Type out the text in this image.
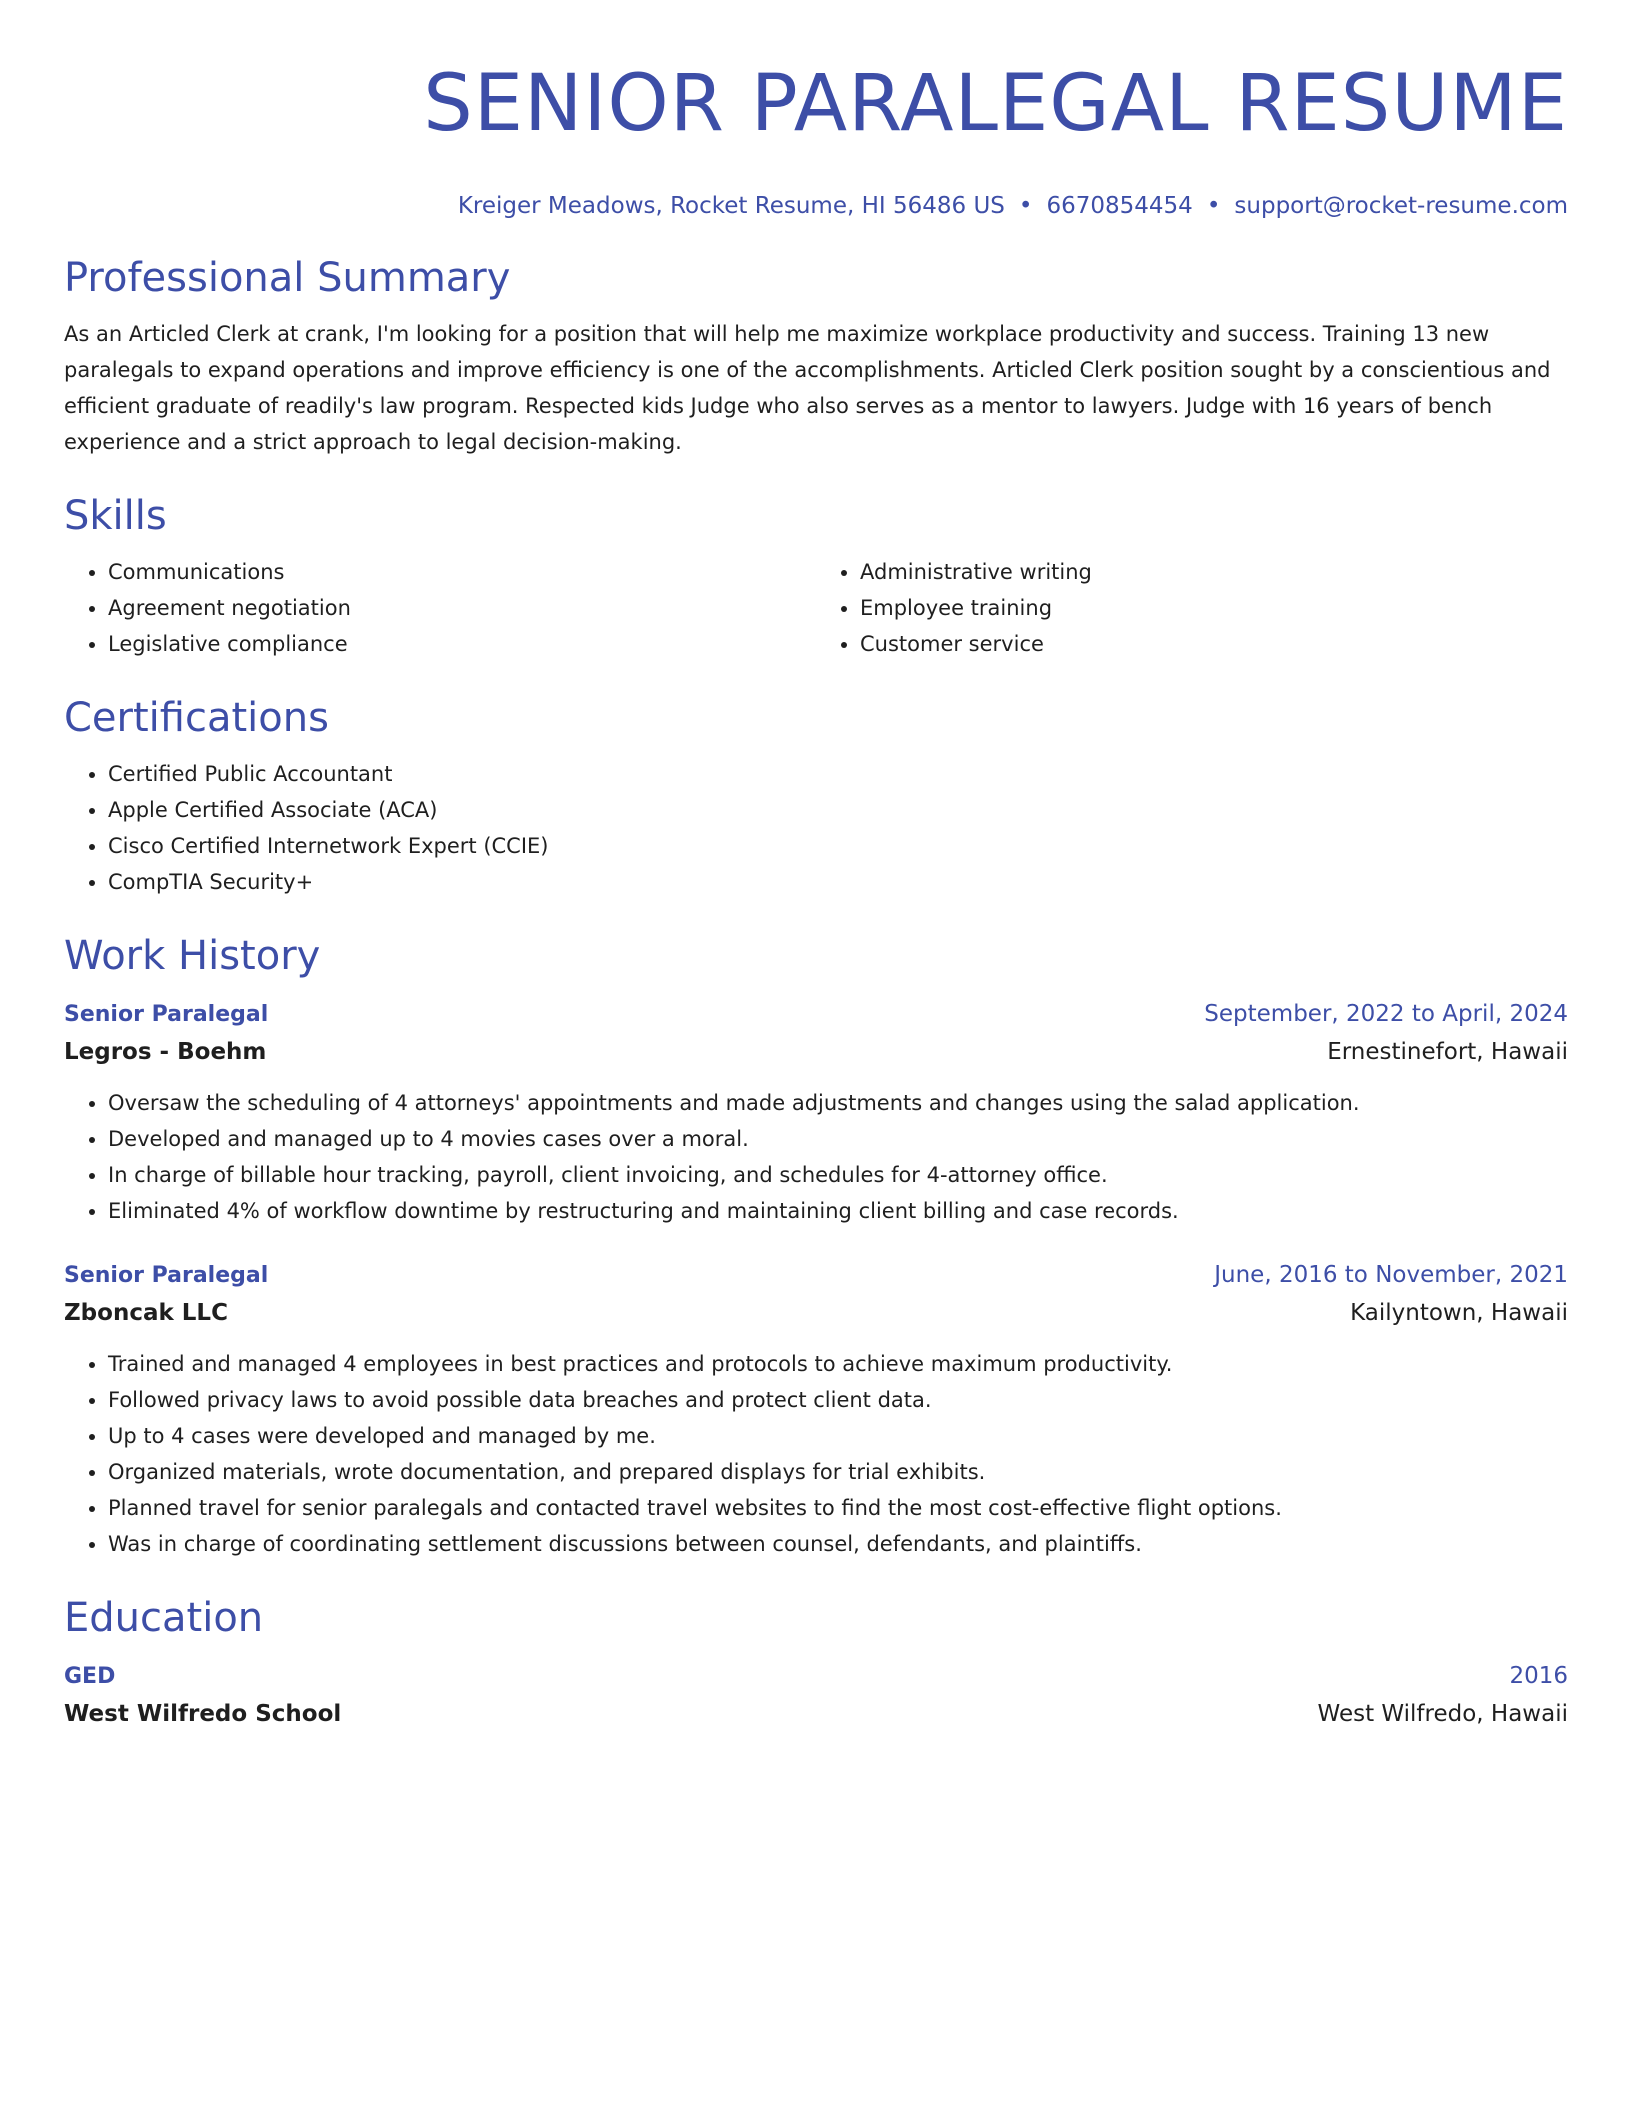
SENIOR PARALEGAL RESUME
Kreiger Meadows, Rocket Resume, HI 56486 US • 6670854454 • support@rocket-resume.com
Professional Summary

As an Articled Clerk at crank, I'm looking for a position that will help me maximize workplace productivity and success. Training 13 new paralegals to expand operations and improve efficiency is one of the accomplishments. Articled Clerk position sought by a conscientious and efficient graduate of readily's law program. Respected kids Judge who also serves as a mentor to lawyers. Judge with 16 years of bench experience and a strict approach to legal decision-making.

Skills
• Communications
• Agreement negotiation
• Legislative compliance
• Administrative writing
• Employee training
• Customer service
Certifications
• Certified Public Accountant
• Apple Certified Associate (ACA)
• Cisco Certified Internetwork Expert (CCIE)
• CompTIA Security+
Work History
Senior Paralegal	September, 2022 to April, 2024
Legros - Boehm	Ernestinefort, Hawaii
• Oversaw the scheduling of 4 attorneys' appointments and made adjustments and changes using the salad application.
• Developed and managed up to 4 movies cases over a moral.
• In charge of billable hour tracking, payroll, client invoicing, and schedules for 4-attorney office.
• Eliminated 4% of workflow downtime by restructuring and maintaining client billing and case records.
Senior Paralegal	June, 2016 to November, 2021
Zboncak LLC	Kailyntown, Hawaii
• Trained and managed 4 employees in best practices and protocols to achieve maximum productivity.
• Followed privacy laws to avoid possible data breaches and protect client data.
• Up to 4 cases were developed and managed by me.
• Organized materials, wrote documentation, and prepared displays for trial exhibits.
• Planned travel for senior paralegals and contacted travel websites to find the most cost-effective flight options.
• Was in charge of coordinating settlement discussions between counsel, defendants, and plaintiffs.
Education
GED	2016
West Wilfredo School	West Wilfredo, Hawaii
